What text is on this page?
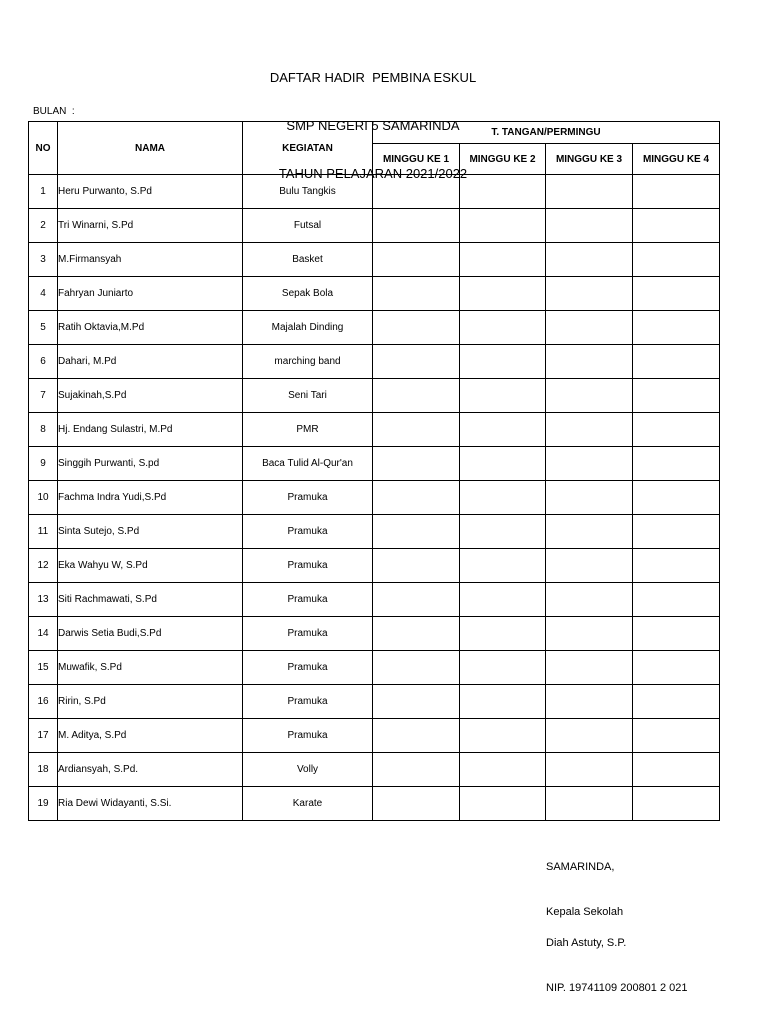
DAFTAR HADIR  PEMBINA ESKUL

SMP NEGERI 5 SAMARINDA

TAHUN PELAJARAN 2021/2022

BULAN  :
NO	NAMA	KEGIATAN	T. TANGAN/PERMINGU			
			MINGGU KE 1	MINGGU KE 2	MINGGU KE 3	MINGGU KE 4
1	Heru Purwanto, S.Pd	Bulu Tangkis				
2	Tri Winarni, S.Pd	Futsal				
3	M.Firmansyah	Basket				
4	Fahryan Juniarto	Sepak Bola				
5	Ratih Oktavia,M.Pd	Majalah Dinding				
6	Dahari, M.Pd	marching band				
7	Sujakinah,S.Pd	Seni Tari				
8	Hj. Endang Sulastri, M.Pd	PMR				
9	Singgih Purwanti, S.pd	Baca Tulid Al-Qur'an				
10	Fachma Indra Yudi,S.Pd	Pramuka				
11	Sinta Sutejo, S.Pd	Pramuka				
12	Eka Wahyu W, S.Pd	Pramuka				
13	Siti Rachmawati, S.Pd	Pramuka				
14	Darwis Setia Budi,S.Pd	Pramuka				
15	Muwafik, S.Pd	Pramuka				
16	Ririn, S.Pd	Pramuka				
17	M. Aditya, S.Pd	Pramuka				
18	Ardiansyah, S.Pd.	Volly				
19	Ria Dewi Widayanti, S.Si.	Karate				

SAMARINDA,

Kepala Sekolah

Diah Astuty, S.P.

NIP. 19741109 200801 2 021
